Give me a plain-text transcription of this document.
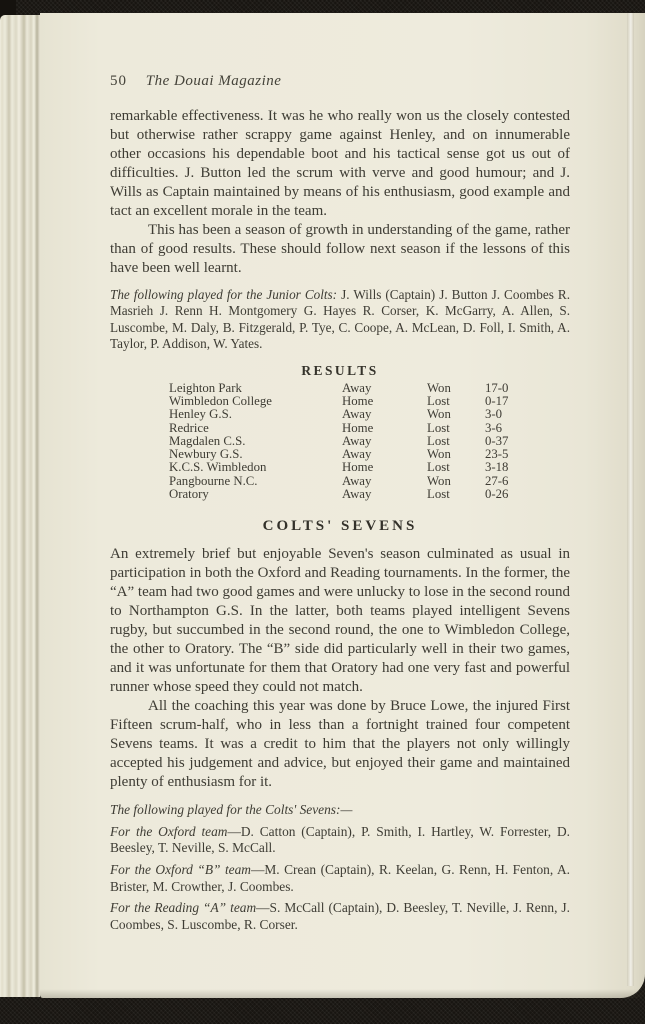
50 The Douai Magazine

remarkable effectiveness. It was he who really won us the closely contested but otherwise rather scrappy game against Henley, and on innumerable other occasions his dependable boot and his tactical sense got us out of difficulties. J. Button led the scrum with verve and good humour; and J. Wills as Captain maintained by means of his enthusiasm, good example and tact an excellent morale in the team.

This has been a season of growth in understanding of the game, rather than of good results. These should follow next season if the lessons of this have been well learnt.

The following played for the Junior Colts: J. Wills (Captain) J. Button J. Coombes R. Masrieh J. Renn H. Montgomery G. Hayes R. Corser, K. McGarry, A. Allen, S. Luscombe, M. Daly, B. Fitzgerald, P. Tye, C. Coope, A. McLean, D. Foll, I. Smith, A. Taylor, P. Addison, W. Yates.

RESULTS
Leighton Park	Away	Won	17-0
Wimbledon College	Home	Lost	0-17
Henley G.S.	Away	Won	3-0
Redrice	Home	Lost	3-6
Magdalen C.S.	Away	Lost	0-37
Newbury G.S.	Away	Won	23-5
K.C.S. Wimbledon	Home	Lost	3-18
Pangbourne N.C.	Away	Won	27-6
Oratory	Away	Lost	0-26
COLTS' SEVENS

An extremely brief but enjoyable Seven's season culminated as usual in participation in both the Oxford and Reading tournaments. In the former, the “A” team had two good games and were unlucky to lose in the second round to Northampton G.S. In the latter, both teams played intelligent Sevens rugby, but succumbed in the second round, the one to Wimbledon College, the other to Oratory. The “B” side did particularly well in their two games, and it was unfortunate for them that Oratory had one very fast and powerful runner whose speed they could not match.

All the coaching this year was done by Bruce Lowe, the injured First Fifteen scrum-half, who in less than a fortnight trained four competent Sevens teams. It was a credit to him that the players not only willingly accepted his judgement and advice, but enjoyed their game and maintained plenty of enthusiasm for it.

The following played for the Colts' Sevens:—

For the Oxford team—D. Catton (Captain), P. Smith, I. Hartley, W. Forrester, D. Beesley, T. Neville, S. McCall.

For the Oxford “B” team—M. Crean (Captain), R. Keelan, G. Renn, H. Fenton, A. Brister, M. Crowther, J. Coombes.

For the Reading “A” team—S. McCall (Captain), D. Beesley, T. Neville, J. Renn, J. Coombes, S. Luscombe, R. Corser.
